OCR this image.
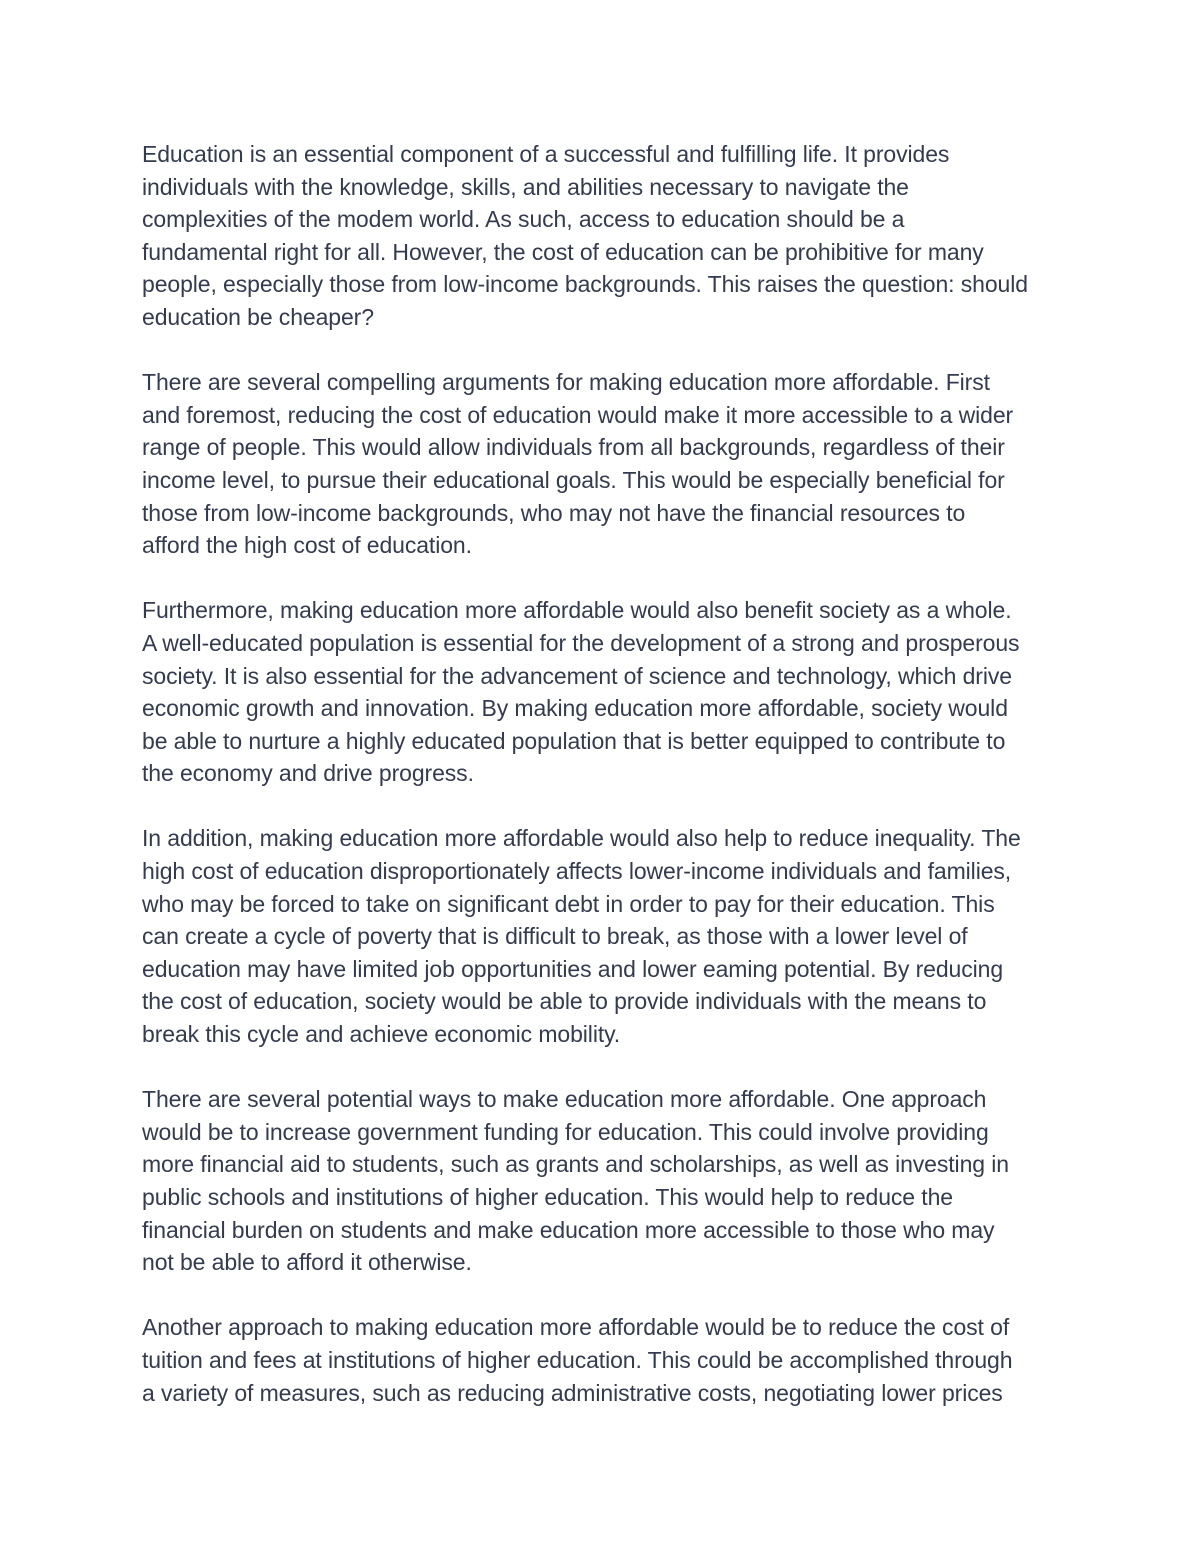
Education is an essential component of a successful and fulfilling life. It provides
individuals with the knowledge, skills, and abilities necessary to navigate the
complexities of the modem world. As such, access to education should be a
fundamental right for all. However, the cost of education can be prohibitive for many
people, especially those from low-income backgrounds. This raises the question: should
education be cheaper?

There are several compelling arguments for making education more affordable. First
and foremost, reducing the cost of education would make it more accessible to a wider
range of people. This would allow individuals from all backgrounds, regardless of their
income level, to pursue their educational goals. This would be especially beneficial for
those from low-income backgrounds, who may not have the financial resources to
afford the high cost of education.

Furthermore, making education more affordable would also benefit society as a whole.
A well-educated population is essential for the development of a strong and prosperous
society. It is also essential for the advancement of science and technology, which drive
economic growth and innovation. By making education more affordable, society would
be able to nurture a highly educated population that is better equipped to contribute to
the economy and drive progress.

In addition, making education more affordable would also help to reduce inequality. The
high cost of education disproportionately affects lower-income individuals and families,
who may be forced to take on significant debt in order to pay for their education. This
can create a cycle of poverty that is difficult to break, as those with a lower level of
education may have limited job opportunities and lower eaming potential. By reducing
the cost of education, society would be able to provide individuals with the means to
break this cycle and achieve economic mobility.

There are several potential ways to make education more affordable. One approach
would be to increase government funding for education. This could involve providing
more financial aid to students, such as grants and scholarships, as well as investing in
public schools and institutions of higher education. This would help to reduce the
financial burden on students and make education more accessible to those who may
not be able to afford it otherwise.

Another approach to making education more affordable would be to reduce the cost of
tuition and fees at institutions of higher education. This could be accomplished through
a variety of measures, such as reducing administrative costs, negotiating lower prices
